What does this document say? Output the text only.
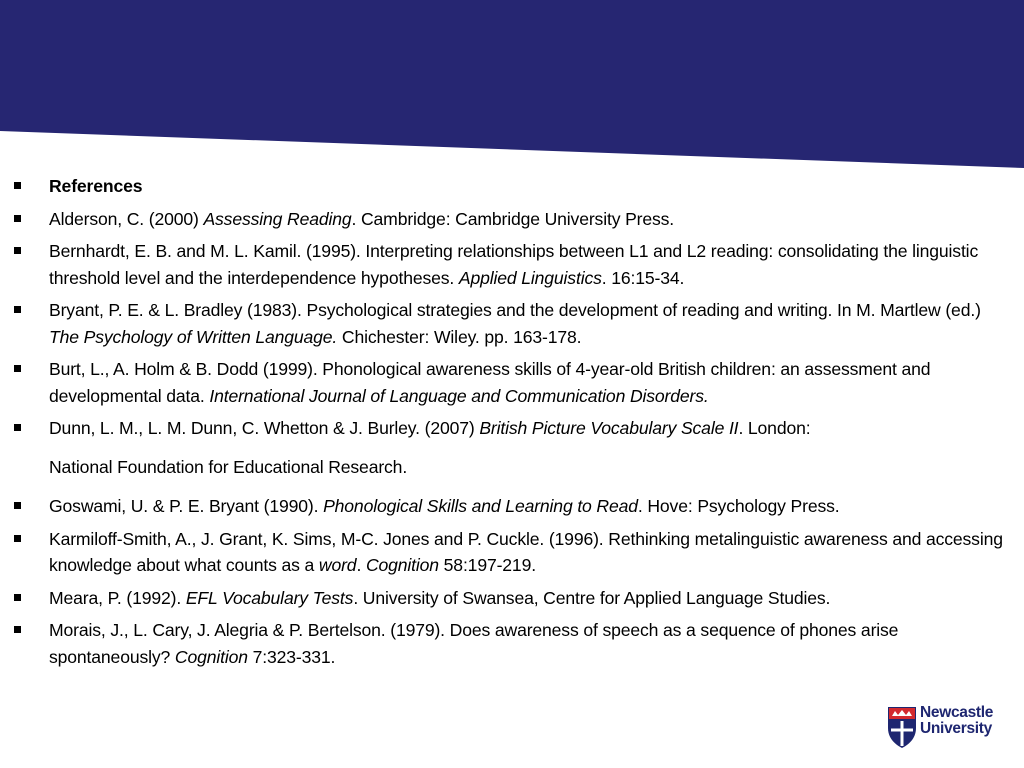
References
Alderson, C. (2000) Assessing Reading. Cambridge: Cambridge University Press.
Bernhardt, E. B. and M. L. Kamil. (1995). Interpreting relationships between L1 and L2 reading: consolidating the linguistic threshold level and the interdependence hypotheses. Applied Linguistics. 16:15-34.
Bryant, P. E. & L. Bradley (1983). Psychological strategies and the development of reading and writing. In M. Martlew (ed.) The Psychology of Written Language. Chichester: Wiley. pp. 163-178.
Burt, L., A. Holm & B. Dodd (1999). Phonological awareness skills of 4-year-old British children: an assessment and developmental data. International Journal of Language and Communication Disorders.
Dunn, L. M., L. M. Dunn, C. Whetton & J. Burley. (2007) British Picture Vocabulary Scale II. London:
National Foundation for Educational Research.
Goswami, U. & P. E. Bryant (1990). Phonological Skills and Learning to Read. Hove: Psychology Press.
Karmiloff-Smith, A., J. Grant, K. Sims, M-C. Jones and P. Cuckle. (1996). Rethinking metalinguistic awareness and accessing knowledge about what counts as a word. Cognition 58:197-219.
Meara, P. (1992). EFL Vocabulary Tests. University of Swansea, Centre for Applied Language Studies.
Morais, J., L. Cary, J. Alegria & P. Bertelson. (1979). Does awareness of speech as a sequence of phones arise spontaneously? Cognition 7:323-331.
Newcastle
University
